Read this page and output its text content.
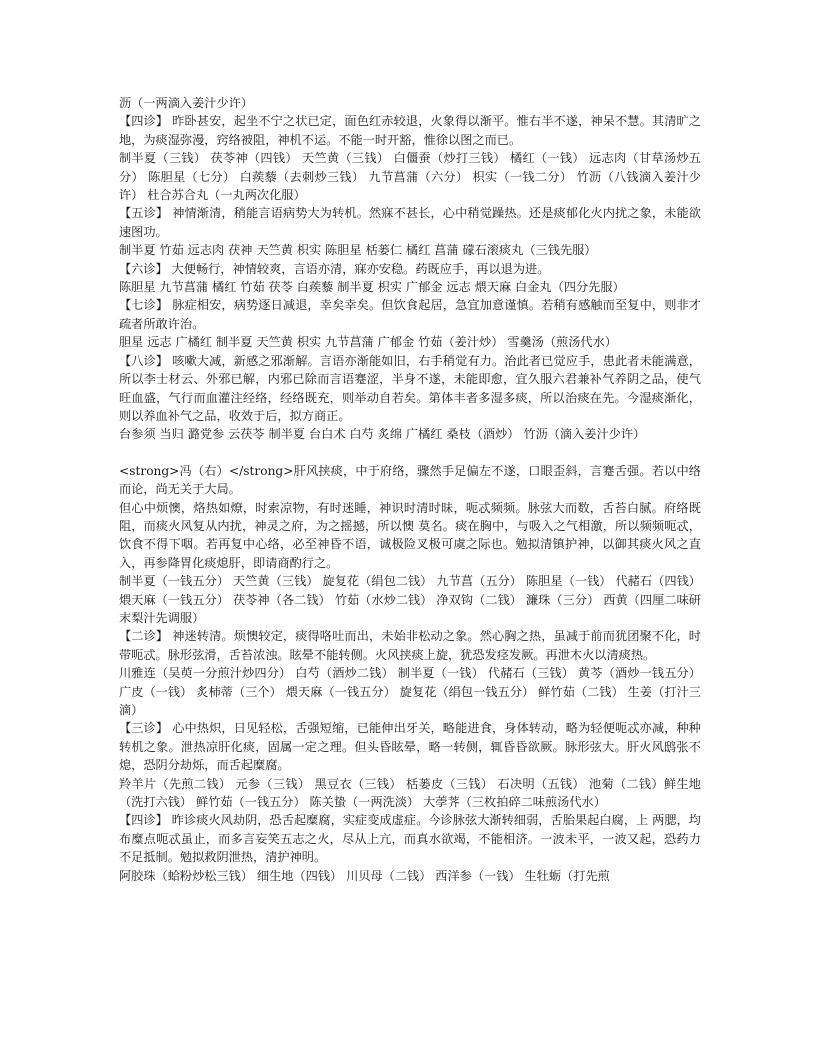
沥（一两滴入姜汁少许）

【四诊】 昨卧甚安，起坐不宁之状已定，面色红赤较退，火象得以渐平。惟右半不遂，神呆不慧。其清旷之地，为痰湿弥漫，窍络被阻，神机不运。不能一时开豁，惟徐以图之而已。

制半夏（三钱） 茯苓神（四钱） 天竺黄（三钱） 白僵蚕（炒打三钱） 橘红（一钱） 远志肉（甘草汤炒五分） 陈胆星（七分） 白蒺藜（去刺炒三钱） 九节菖蒲（六分） 枳实（一钱二分） 竹沥（八钱滴入姜汁少许） 杜合苏合丸（一丸两次化服）

【五诊】 神情渐清，稍能言语病势大为转机。然寐不甚长，心中稍觉躁热。还是痰郁化火内扰之象，未能欲速图功。

制半夏 竹茹 远志肉 茯神 天竺黄 枳实 陈胆星 栝蒌仁 橘红 菖蒲 礞石滚痰丸（三钱先服）

【六诊】 大便畅行，神情较爽，言语亦清，寐亦安稳。药既应手，再以退为进。

陈胆星 九节菖蒲 橘红 竹茹 茯苓 白蒺藜 制半夏 枳实 广郁金 远志 煨天麻 白金丸（四分先服）

【七诊】 脉症相安，病势逐日减退，幸矣幸矣。但饮食起居，急宜加意谨慎。若稍有感触而至复中，则非才疏者所敢许治。

胆星 远志 广橘红 制半夏 天竺黄 枳实 九节菖蒲 广郁金 竹茹（姜汁炒） 雪羹汤（煎汤代水）

【八诊】 咳嗽大减，新感之邪渐解。言语亦渐能如旧，右手稍觉有力。治此者已觉应手，患此者未能满意，所以李士材云、外邪已解，内邪已除而言语蹇涩，半身不遂，未能即愈，宜久服六君兼补气养阴之品，使气旺血盛，气行而血灌注经络，经络既充，则举动自若矣。第体丰者多湿多痰，所以治痰在先。今湿痰渐化，则以养血补气之品，收效于后，拟方商正。

台参须 当归 潞党参 云茯苓 制半夏 台白术 白芍 炙绵 广橘红 桑枝（酒炒） 竹沥（滴入姜汁少许）

<strong>冯（右）</strong>肝风挟痰，中于府络，骤然手足偏左不遂，口眼歪斜，言蹇舌强。若以中络而论，尚无关于大局。

但心中烦懊，烙热如燎，时索凉物，有时迷睡，神识时清时昧，呃忒频频。脉弦大而数，舌苔白腻。府络既阻，而痰火风复从内扰，神灵之府，为之摇撼，所以懊 莫名。痰在胸中，与吸入之气相激，所以频频呃忒，饮食不得下咽。若再复中心络，必至神昏不语，诚极险叉极可虞之际也。勉拟清镇护神，以御其痰火风之直入，再参降胃化痰熄肝，即请商酌行之。

制半夏（一钱五分） 天竺黄（三钱） 旋复花（绢包二钱） 九节菖（五分） 陈胆星（一钱） 代赭石（四钱）煨天麻（一钱五分） 茯苓神（各二钱） 竹茹（水炒二钱） 净双钩（二钱） 濂珠（三分） 西黄（四厘二味研末梨汁先调服）

【二诊】 神迷转清。烦懊较定，痰得咯吐而出，未始非松动之象。然心胸之热，虽减于前而犹团聚不化，时带呃忒。脉形弦滑，舌苔浓浊。眩晕不能转侧。火风挟痰上旋，犹恐发痉发厥。再泄木火以清痰热。

川雅连（吴萸一分煎汁炒四分） 白芍（酒炒二钱） 制半夏（一钱） 代赭石（三钱） 黄芩（酒炒一钱五分） 广皮（一钱） 炙柿蒂（三个） 煨天麻（一钱五分） 旋复花（绢包一钱五分） 鲜竹茹（二钱） 生姜（打汁三滴）

【三诊】 心中热炽，日见轻松，舌强短缩，已能伸出牙关，略能进食，身体转动，略为轻便呃忒亦减，种种转机之象。泄热凉肝化痰，固属一定之理。但头昏眩晕，略一转侧，辄昏昏欲厥。脉形弦大。肝火风鸱张不熄，恐阴分劫烁，而舌起糜腐。

羚羊片（先煎二钱） 元参（三钱） 黑豆衣（三钱） 栝蒌皮（三钱） 石决明（五钱） 池菊（二钱）鲜生地（洗打六钱） 鲜竹茹（一钱五分） 陈关蛰（一两洗淡） 大荸荠（三枚拍碎二味煎汤代水）

【四诊】 昨诊痰火风劫阴，恐舌起糜腐，实症变成虚症。今诊脉弦大渐转细弱，舌胎果起白腐，上 两腮，均布糜点呃忒虽止，而多言妄笑五志之火，尽从上亢，而真水欲竭，不能相济。一波未平，一波又起，恐药力不足抵制。勉拟救阴泄热，清护神明。

阿胶珠（蛤粉炒松三钱） 细生地（四钱） 川贝母（二钱） 西洋参（一钱） 生牡蛎（打先煎
